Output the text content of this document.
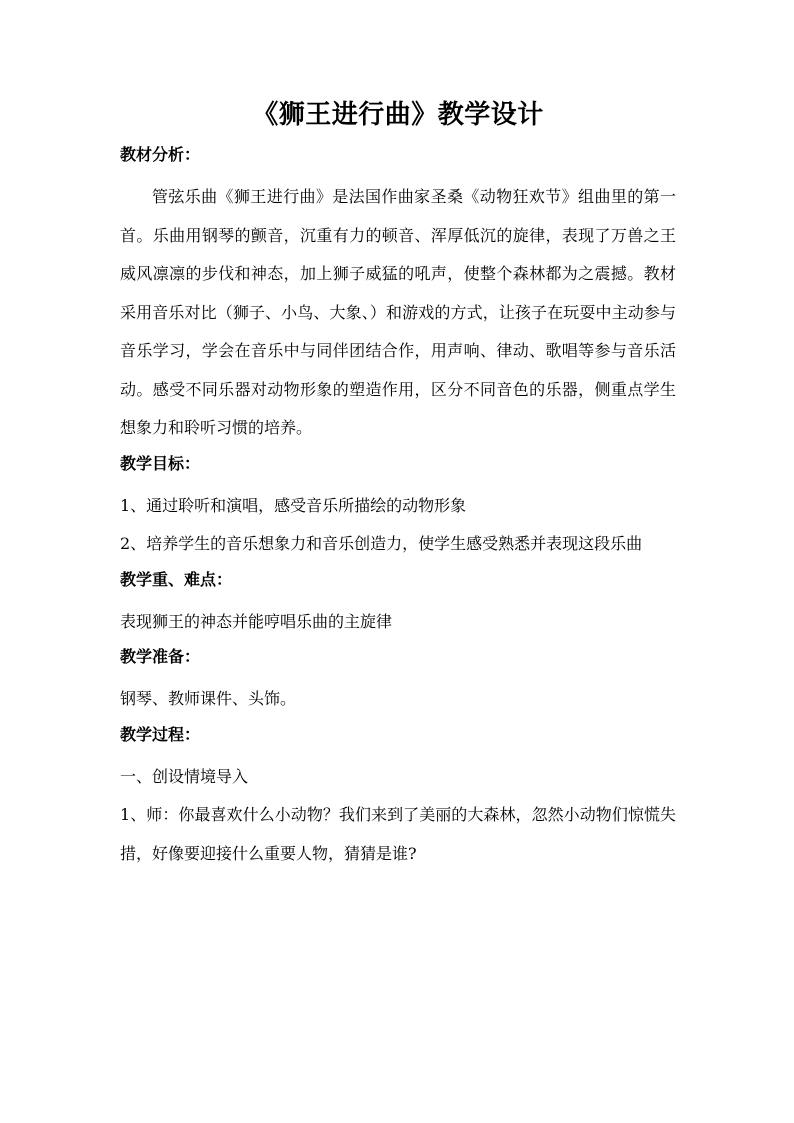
《狮王进行曲》教学设计
教材分析：
管弦乐曲《狮王进行曲》是法国作曲家圣桑《动物狂欢节》组曲里的第一首。乐曲用钢琴的颤音，沉重有力的顿音、浑厚低沉的旋律，表现了万兽之王威风凛凛的步伐和神态，加上狮子威猛的吼声，使整个森林都为之震撼。教材采用音乐对比（狮子、小鸟、大象、）和游戏的方式，让孩子在玩耍中主动参与音乐学习，学会在音乐中与同伴团结合作，用声响、律动、歌唱等参与音乐活动。感受不同乐器对动物形象的塑造作用，区分不同音色的乐器，侧重点学生想象力和聆听习惯的培养。
教学目标：
1、通过聆听和演唱，感受音乐所描绘的动物形象
2、培养学生的音乐想象力和音乐创造力，使学生感受熟悉并表现这段乐曲
教学重、难点：
表现狮王的神态并能哼唱乐曲的主旋律
教学准备：
钢琴、教师课件、头饰。
教学过程：
一、创设情境导入
1、师：你最喜欢什么小动物？我们来到了美丽的大森林，忽然小动物们惊慌失措，好像要迎接什么重要人物，猜猜是谁?
